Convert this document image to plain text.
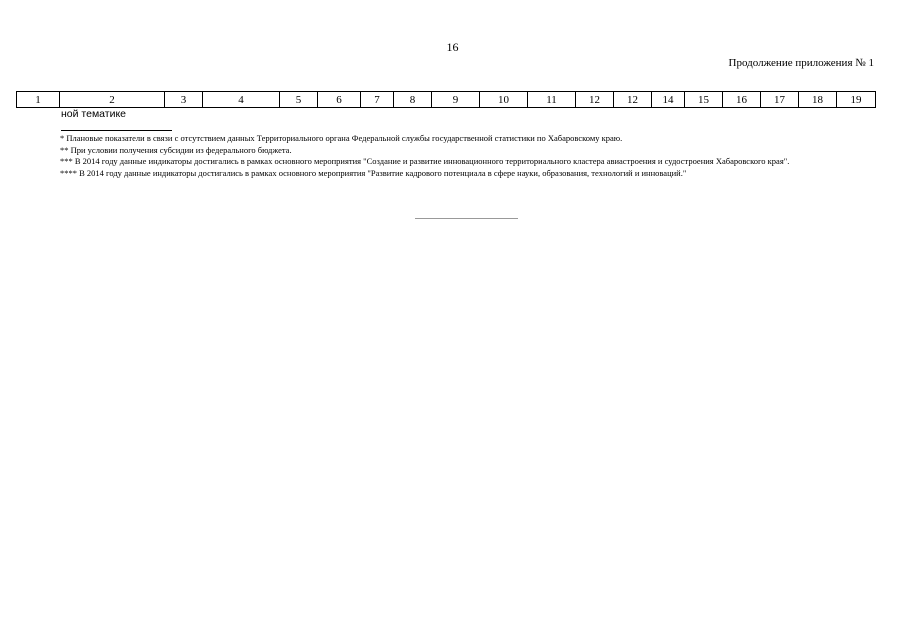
16
Продолжение приложения № 1
1	2	3	4	5	6	7	8	9	10	11	12	12	14	15	16	17	18	19
ной тематике

* Плановые показатели в связи с отсутствием данных Территориального органа Федеральной службы государственной статистики по Хабаровскому краю.

** При условии получения субсидии из федерального бюджета.

*** В 2014 году данные индикаторы достигались в рамках основного мероприятия "Создание и развитие инновационного территориального кластера авиастроения и судостроения Хабаровского края".

**** В 2014 году данные индикаторы достигались в рамках основного мероприятия "Развитие кадрового потенциала в сфере науки, образования, технологий и инноваций."
